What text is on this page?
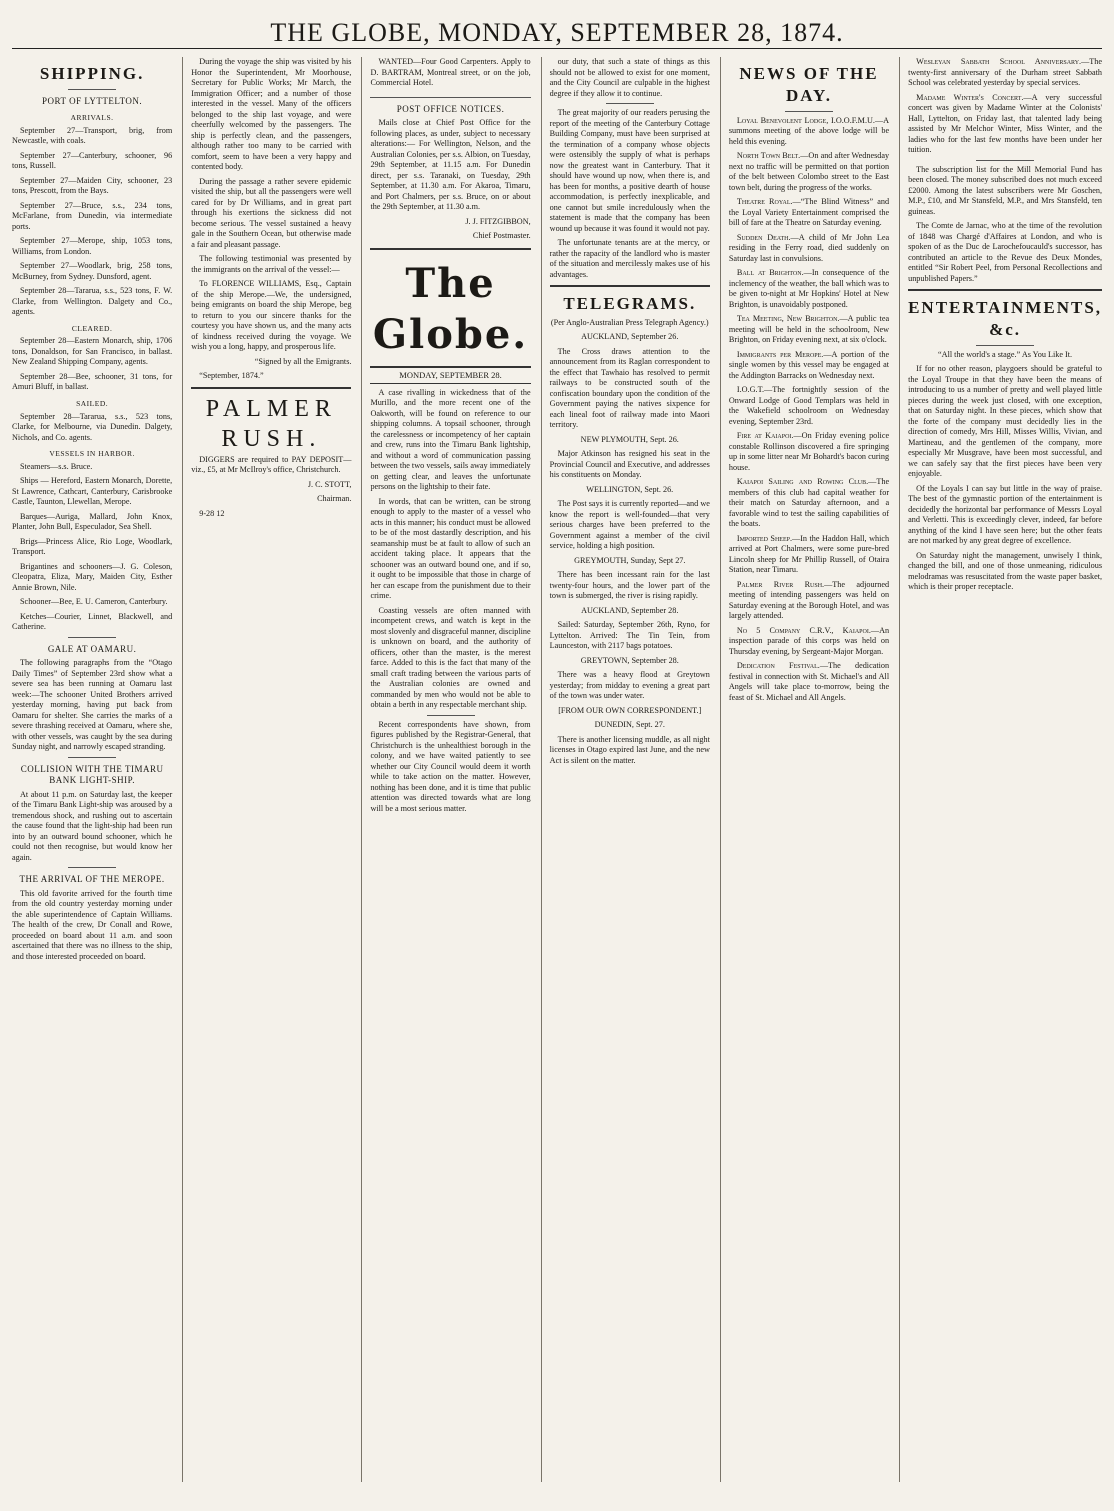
THE GLOBE, MONDAY, SEPTEMBER 28, 1874.
SHIPPING.
PORT OF LYTTELTON.
ARRIVALS.

September 27—Transport, brig, from Newcastle, with coals.

September 27—Canterbury, schooner, 96 tons, Russell.

September 27—Maiden City, schooner, 23 tons, Prescott, from the Bays.

September 27—Bruce, s.s., 234 tons, McFarlane, from Dunedin, via intermediate ports.

September 27—Merope, ship, 1053 tons, Williams, from London.

September 27—Woodlark, brig, 258 tons, McBurney, from Sydney. Dunsford, agent.

September 28—Tararua, s.s., 523 tons, F. W. Clarke, from Wellington. Dalgety and Co., agents.

CLEARED.

September 28—Eastern Monarch, ship, 1706 tons, Donaldson, for San Francisco, in ballast. New Zealand Shipping Company, agents.

September 28—Bee, schooner, 31 tons, for Amuri Bluff, in ballast.

SAILED.

September 28—Tararua, s.s., 523 tons, Clarke, for Melbourne, via Dunedin. Dalgety, Nichols, and Co. agents.

VESSELS IN HARBOR.

Steamers—s.s. Bruce.

Ships — Hereford, Eastern Monarch, Dorette, St Lawrence, Cathcart, Canterbury, Carisbrooke Castle, Taunton, Llewellan, Merope.

Barques—Auriga, Mallard, John Knox, Planter, John Bull, Especulador, Sea Shell.

Brigs—Princess Alice, Rio Loge, Woodlark, Transport.

Brigantines and schooners—J. G. Coleson, Cleopatra, Eliza, Mary, Maiden City, Esther Annie Brown, Nile.

Schooner—Bee, E. U. Cameron, Canterbury.

Ketches—Courier, Linnet, Blackwell, and Catherine.

GALE AT OAMARU.

The following paragraphs from the “Otago Daily Times” of September 23rd show what a severe sea has been running at Oamaru last week:—The schooner United Brothers arrived yesterday morning, having put back from Oamaru for shelter. She carries the marks of a severe thrashing received at Oamaru, where she, with other vessels, was caught by the sea during Sunday night, and narrowly escaped stranding.

COLLISION WITH THE TIMARU BANK LIGHT-SHIP.

At about 11 p.m. on Saturday last, the keeper of the Timaru Bank Light-ship was aroused by a tremendous shock, and rushing out to ascertain the cause found that the light-ship had been run into by an outward bound schooner, which he could not then recognise, but would know her again.

THE ARRIVAL OF THE MEROPE.

This old favorite arrived for the fourth time from the old country yesterday morning under the able superintendence of Captain Williams. The health of the crew, Dr Conall and Rowe, proceeded on board about 11 a.m. and soon ascertained that there was no illness to the ship, and those interested proceeded on board.

During the voyage the ship was visited by his Honor the Superintendent, Mr Moorhouse, Secretary for Public Works; Mr March, the Immigration Officer; and a number of those interested in the vessel. Many of the officers belonged to the ship last voyage, and were cheerfully welcomed by the passengers. The ship is perfectly clean, and the passengers, although rather too many to be carried with comfort, seem to have been a very happy and contented body.

During the passage a rather severe epidemic visited the ship, but all the passengers were well cared for by Dr Williams, and in great part through his exertions the sickness did not become serious. The vessel sustained a heavy gale in the Southern Ocean, but otherwise made a fair and pleasant passage.

The following testimonial was presented by the immigrants on the arrival of the vessel:—

To FLORENCE WILLIAMS, Esq., Captain of the ship Merope.—We, the undersigned, being emigrants on board the ship Merope, beg to return to you our sincere thanks for the courtesy you have shown us, and the many acts of kindness received during the voyage. We wish you a long, happy, and prosperous life.

“Signed by all the Emigrants.

“September, 1874.”

PALMER RUSH.

DIGGERS are required to PAY DEPOSIT—viz., £5, at Mr McIlroy's office, Christchurch.

J. C. STOTT,

Chairman.

9-28 12

WANTED—Four Good Carpenters. Apply to D. BARTRAM, Montreal street, or on the job, Commercial Hotel.

POST OFFICE NOTICES.

Mails close at Chief Post Office for the following places, as under, subject to necessary alterations:— For Wellington, Nelson, and the Australian Colonies, per s.s. Albion, on Tuesday, 29th September, at 11.15 a.m. For Dunedin direct, per s.s. Taranaki, on Tuesday, 29th September, at 11.30 a.m. For Akaroa, Timaru, and Port Chalmers, per s.s. Bruce, on or about the 29th September, at 11.30 a.m.

J. J. FITZGIBBON,

Chief Postmaster.

The Globe.
MONDAY, SEPTEMBER 28.

A case rivalling in wickedness that of the Murillo, and the more recent one of the Oakworth, will be found on reference to our shipping columns. A topsail schooner, through the carelessness or incompetency of her captain and crew, runs into the Timaru Bank lightship, and without a word of communication passing between the two vessels, sails away immediately on getting clear, and leaves the unfortunate persons on the lightship to their fate.

In words, that can be written, can be strong enough to apply to the master of a vessel who acts in this manner; his conduct must be allowed to be of the most dastardly description, and his seamanship must be at fault to allow of such an accident taking place. It appears that the schooner was an outward bound one, and if so, it ought to be impossible that those in charge of her can escape from the punishment due to their crime.

Coasting vessels are often manned with incompetent crews, and watch is kept in the most slovenly and disgraceful manner, discipline is unknown on board, and the authority of officers, other than the master, is the merest farce. Added to this is the fact that many of the small craft trading between the various parts of the Australian colonies are owned and commanded by men who would not be able to obtain a berth in any respectable merchant ship.

Recent correspondents have shown, from figures published by the Registrar-General, that Christchurch is the unhealthiest borough in the colony, and we have waited patiently to see whether our City Council would deem it worth while to take action on the matter. However, nothing has been done, and it is time that public attention was directed towards what are long will be a most serious matter.

our duty, that such a state of things as this should not be allowed to exist for one moment, and the City Council are culpable in the highest degree if they allow it to continue.

The great majority of our readers perusing the report of the meeting of the Canterbury Cottage Building Company, must have been surprised at the termination of a company whose objects were ostensibly the supply of what is perhaps now the greatest want in Canterbury. That it should have wound up now, when there is, and has been for months, a positive dearth of house accommodation, is perfectly inexplicable, and one cannot but smile incredulously when the statement is made that the company has been wound up because it was found it would not pay.

The unfortunate tenants are at the mercy, or rather the rapacity of the landlord who is master of the situation and mercilessly makes use of his advantages.

TELEGRAMS.

(Per Anglo-Australian Press Telegraph Agency.)

AUCKLAND, September 26.

The Cross draws attention to the announcement from its Raglan correspondent to the effect that Tawhaio has resolved to permit railways to be constructed south of the confiscation boundary upon the condition of the Government paying the natives sixpence for each lineal foot of railway made into Maori territory.

NEW PLYMOUTH, Sept. 26.

Major Atkinson has resigned his seat in the Provincial Council and Executive, and addresses his constituents on Monday.

WELLINGTON, Sept. 26.

The Post says it is currently reported—and we know the report is well-founded—that very serious charges have been preferred to the Government against a member of the civil service, holding a high position.

GREYMOUTH, Sunday, Sept 27.

There has been incessant rain for the last twenty-four hours, and the lower part of the town is submerged, the river is rising rapidly.

AUCKLAND, September 28.

Sailed: Saturday, September 26th, Ryno, for Lyttelton. Arrived: The Tin Tein, from Launceston, with 2117 bags potatoes.

GREYTOWN, September 28.

There was a heavy flood at Greytown yesterday; from midday to evening a great part of the town was under water.

[FROM OUR OWN CORRESPONDENT.]

DUNEDIN, Sept. 27.

There is another licensing muddle, as all night licenses in Otago expired last June, and the new Act is silent on the matter.

NEWS OF THE DAY.

Loyal Benevolent Lodge, I.O.O.F.M.U.—A summons meeting of the above lodge will be held this evening.

North Town Belt.—On and after Wednesday next no traffic will be permitted on that portion of the belt between Colombo street to the East town belt, during the progress of the works.

Theatre Royal.—“The Blind Witness” and the Loyal Variety Entertainment comprised the bill of fare at the Theatre on Saturday evening.

Sudden Death.—A child of Mr John Lea residing in the Ferry road, died suddenly on Saturday last in convulsions.

Ball at Brighton.—In consequence of the inclemency of the weather, the ball which was to be given to-night at Mr Hopkins' Hotel at New Brighton, is unavoidably postponed.

Tea Meeting, New Brighton.—A public tea meeting will be held in the schoolroom, New Brighton, on Friday evening next, at six o'clock.

Immigrants per Merope.—A portion of the single women by this vessel may be engaged at the Addington Barracks on Wednesday next.

I.O.G.T.—The fortnightly session of the Onward Lodge of Good Templars was held in the Wakefield schoolroom on Wednesday evening, September 23rd.

Fire at Kaiapoi.—On Friday evening police constable Rollinson discovered a fire springing up in some litter near Mr Bohardt's bacon curing house.

Kaiapoi Sailing and Rowing Club.—The members of this club had capital weather for their match on Saturday afternoon, and a favorable wind to test the sailing capabilities of the boats.

Imported Sheep.—In the Haddon Hall, which arrived at Port Chalmers, were some pure-bred Lincoln sheep for Mr Phillip Russell, of Otaira Station, near Timaru.

Palmer River Rush.—The adjourned meeting of intending passengers was held on Saturday evening at the Borough Hotel, and was largely attended.

No 5 Company C.R.V., Kaiapoi.—An inspection parade of this corps was held on Thursday evening, by Sergeant-Major Morgan.

Dedication Festival.—The dedication festival in connection with St. Michael's and All Angels will take place to-morrow, being the feast of St. Michael and All Angels.

Wesleyan Sabbath School Anniversary.—The twenty-first anniversary of the Durham street Sabbath School was celebrated yesterday by special services.

Madame Winter's Concert.—A very successful concert was given by Madame Winter at the Colonists' Hall, Lyttelton, on Friday last, that talented lady being assisted by Mr Melchor Winter, Miss Winter, and the ladies who for the last few months have been under her tuition.

The subscription list for the Mill Memorial Fund has been closed. The money subscribed does not much exceed £2000. Among the latest subscribers were Mr Goschen, M.P., £10, and Mr Stansfeld, M.P., and Mrs Stansfeld, ten guineas.

The Comte de Jarnac, who at the time of the revolution of 1848 was Chargé d'Affaires at London, and who is spoken of as the Duc de Larochefoucauld's successor, has contributed an article to the Revue des Deux Mondes, entitled “Sir Robert Peel, from Personal Recollections and unpublished Papers.”

ENTERTAINMENTS, &c.

“All the world's a stage.” As You Like It.

If for no other reason, playgoers should be grateful to the Loyal Troupe in that they have been the means of introducing to us a number of pretty and well played little pieces during the week just closed, with one exception, that on Saturday night. In these pieces, which show that the forte of the company must decidedly lies in the direction of comedy, Mrs Hill, Misses Willis, Vivian, and Martineau, and the gentlemen of the company, more especially Mr Musgrave, have been most successful, and we can safely say that the first pieces have been very enjoyable.

Of the Loyals I can say but little in the way of praise. The best of the gymnastic portion of the entertainment is decidedly the horizontal bar performance of Messrs Loyal and Verletti. This is exceedingly clever, indeed, far before anything of the kind I have seen here; but the other feats are not marked by any great degree of excellence.

On Saturday night the management, unwisely I think, changed the bill, and one of those unmeaning, ridiculous melodramas was resuscitated from the waste paper basket, which is their proper receptacle.
